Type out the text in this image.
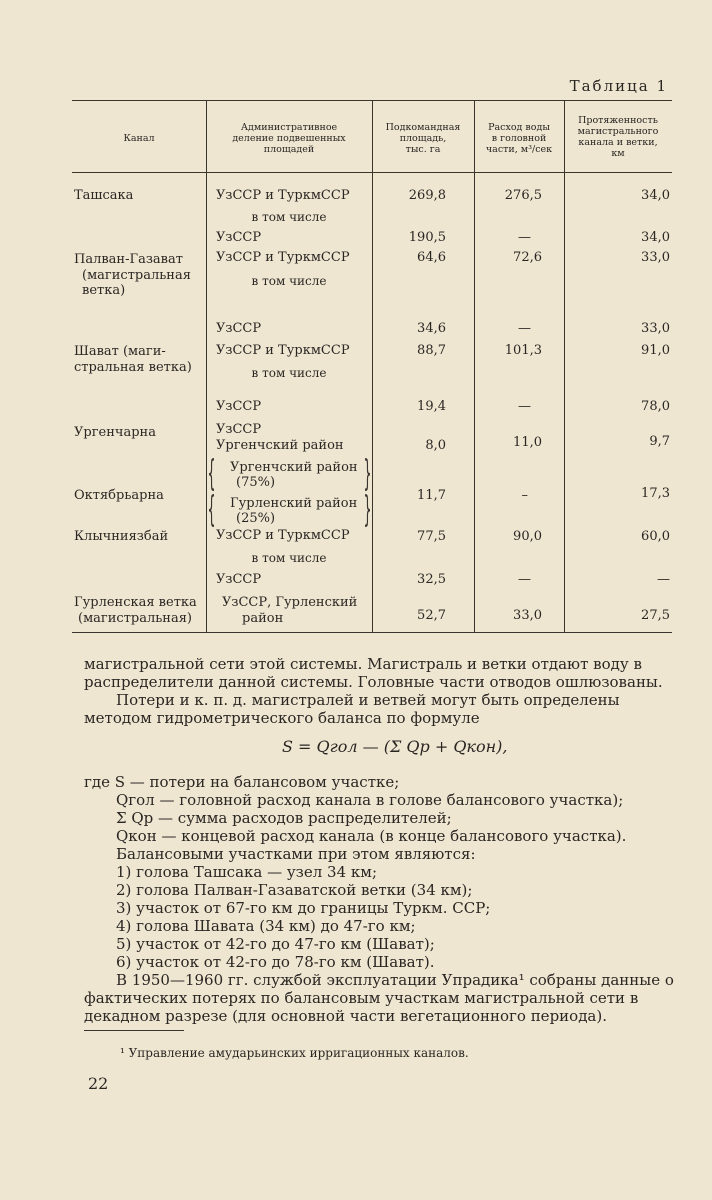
Таблица 1
Канал
Административное
деление подвешенных
площадей
Подкомандная
площадь,
тыс. га
Расход воды
в головной
части, м³/сек
Протяженность
магистрального
канала и ветки,
км
Ташсака
Палван-Газават
(магистральная
ветка)
Шават (маги-
стральная ветка)
Ургенчарна
Октябрьарна
Клычниязбай
Гурленская ветка
(магистральная)
УзССР и ТуркмССР
в том числе
УзССР
УзССР и ТуркмССР
в том числе
УзССР
УзССР и ТуркмССР
в том числе
УзССР
УзССР
Ургенчский район
{
{
}
}
Ургенчский район
(75%)
Гурленский район
(25%)
УзССР и ТуркмССР
в том числе
УзССР
УзССР, Гурленский
район
269,8
190,5
64,6
34,6
88,7
19,4
8,0
11,7
77,5
32,5
52,7
276,5
—
72,6
—
101,3
—
11,0
–
90,0
—
33,0
34,0
34,0
33,0
33,0
91,0
78,0
9,7
17,3
60,0
—
27,5
магистральной сети этой системы. Магистраль и ветки отдают воду в распределители данной системы. Головные части отводов ошлюзованы.
Потери и к. п. д. магистралей и ветвей могут быть определены методом гидрометрического баланса по формуле
S = Qгол — (Σ Qр + Qкон),
где S — потери на балансовом участке;
Qгол — головной расход канала в голове балансового участка);
Σ Qр — сумма расходов распределителей;
Qкон — концевой расход канала (в конце балансового участка).
Балансовыми участками при этом являются:
1) голова Ташсака — узел 34 км;
2) голова Палван-Газаватской ветки (34 км);
3) участок от 67-го км до границы Туркм. ССР;
4) голова Шавата (34 км) до 47-го км;
5) участок от 42-го до 47-го км (Шават);
6) участок от 42-го до 78-го км (Шават).
В 1950—1960 гг. службой эксплуатации Упрадика¹ собраны данные о фактических потерях по балансовым участкам магистральной сети в декадном разрезе (для основной части вегетационного периода).
¹ Управление амударьинских ирригационных каналов.
22
